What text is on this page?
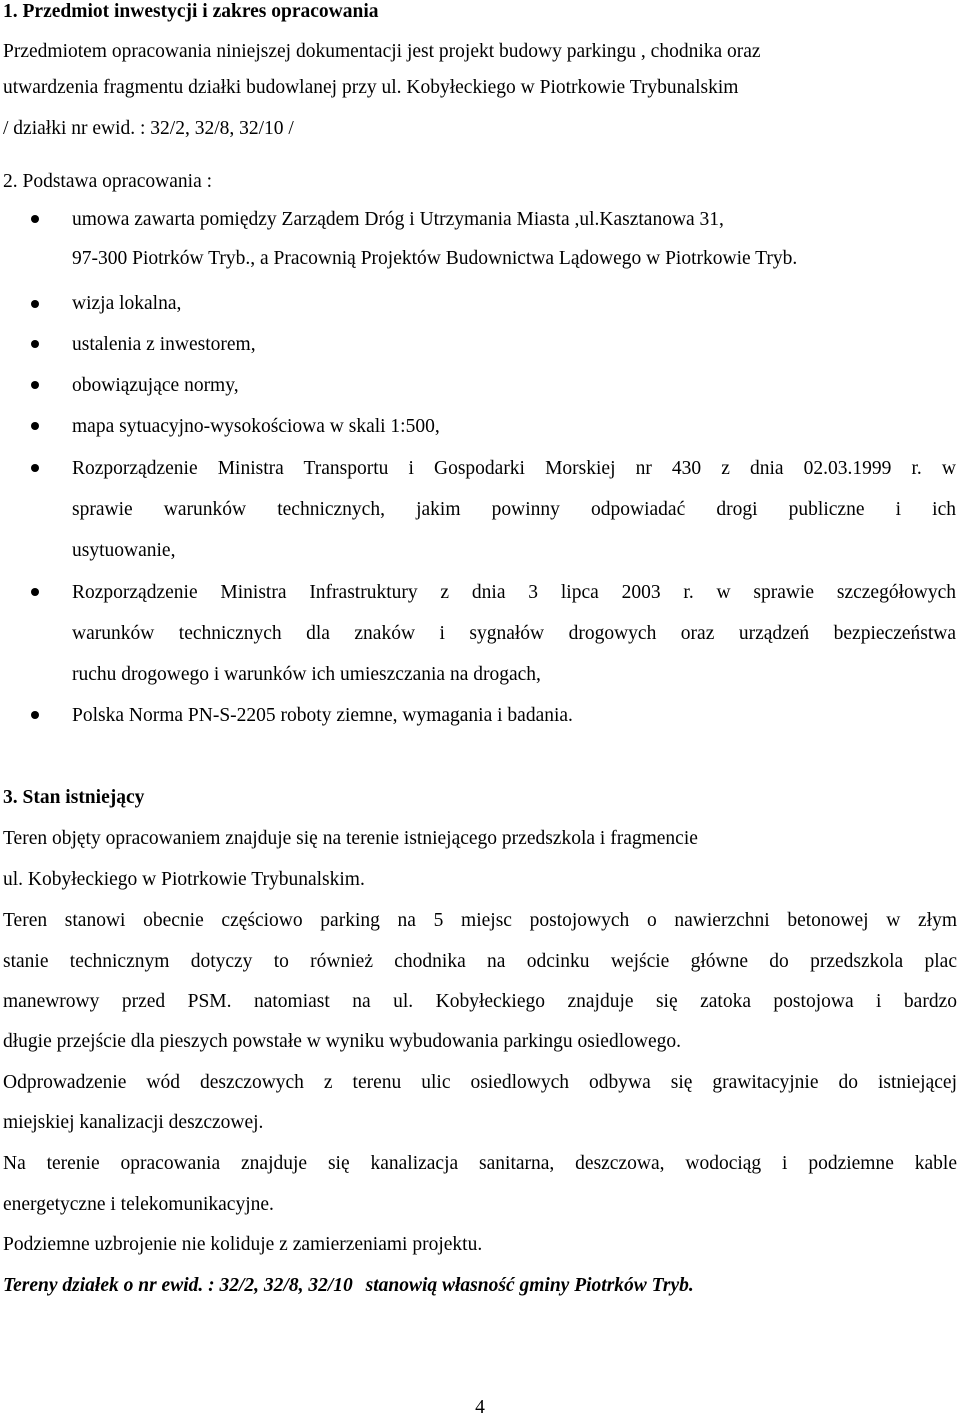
1. Przedmiot inwestycji i zakres opracowania
Przedmiotem opracowania niniejszej dokumentacji jest projekt budowy parkingu , chodnika oraz
utwardzenia fragmentu działki budowlanej przy ul. Kobyłeckiego w Piotrkowie Trybunalskim
/ działki nr ewid. : 32/2, 32/8, 32/10 /
2. Podstawa opracowania :
umowa zawarta pomiędzy Zarządem Dróg i Utrzymania Miasta ,ul.Kasztanowa 31,
97-300 Piotrków Tryb., a Pracownią Projektów Budownictwa Lądowego w Piotrkowie Tryb.
wizja lokalna,
ustalenia z inwestorem,
obowiązujące normy,
mapa sytuacyjno-wysokościowa w skali 1:500,
Rozporządzenie Ministra Transportu i Gospodarki Morskiej nr 430 z dnia 02.03.1999 r. w
sprawie warunków technicznych, jakim powinny odpowiadać drogi publiczne i ich
usytuowanie,
Rozporządzenie Ministra Infrastruktury z dnia 3 lipca 2003 r. w sprawie szczegółowych
warunków technicznych dla znaków i sygnałów drogowych oraz urządzeń bezpieczeństwa
ruchu drogowego i warunków ich umieszczania na drogach,
Polska Norma PN-S-2205 roboty ziemne, wymagania i badania.
3. Stan istniejący
Teren objęty opracowaniem znajduje się na terenie istniejącego przedszkola i fragmencie
ul. Kobyłeckiego w Piotrkowie Trybunalskim.
Teren stanowi obecnie częściowo parking na 5 miejsc postojowych o nawierzchni betonowej w złym
stanie technicznym dotyczy to również chodnika na odcinku wejście główne do przedszkola plac
manewrowy przed PSM. natomiast na ul. Kobyłeckiego znajduje się zatoka postojowa i bardzo
długie przejście dla pieszych powstałe w wyniku wybudowania parkingu osiedlowego.
Odprowadzenie wód deszczowych z terenu ulic osiedlowych odbywa się grawitacyjnie do istniejącej
miejskiej kanalizacji deszczowej.
Na terenie opracowania znajduje się kanalizacja sanitarna, deszczowa, wodociąg i podziemne kable
energetyczne i telekomunikacyjne.
Podziemne uzbrojenie nie koliduje z zamierzeniami projektu.
Tereny działek o nr ewid. : 32/2, 32/8, 32/10 stanowią własność gminy Piotrków Tryb.
4
